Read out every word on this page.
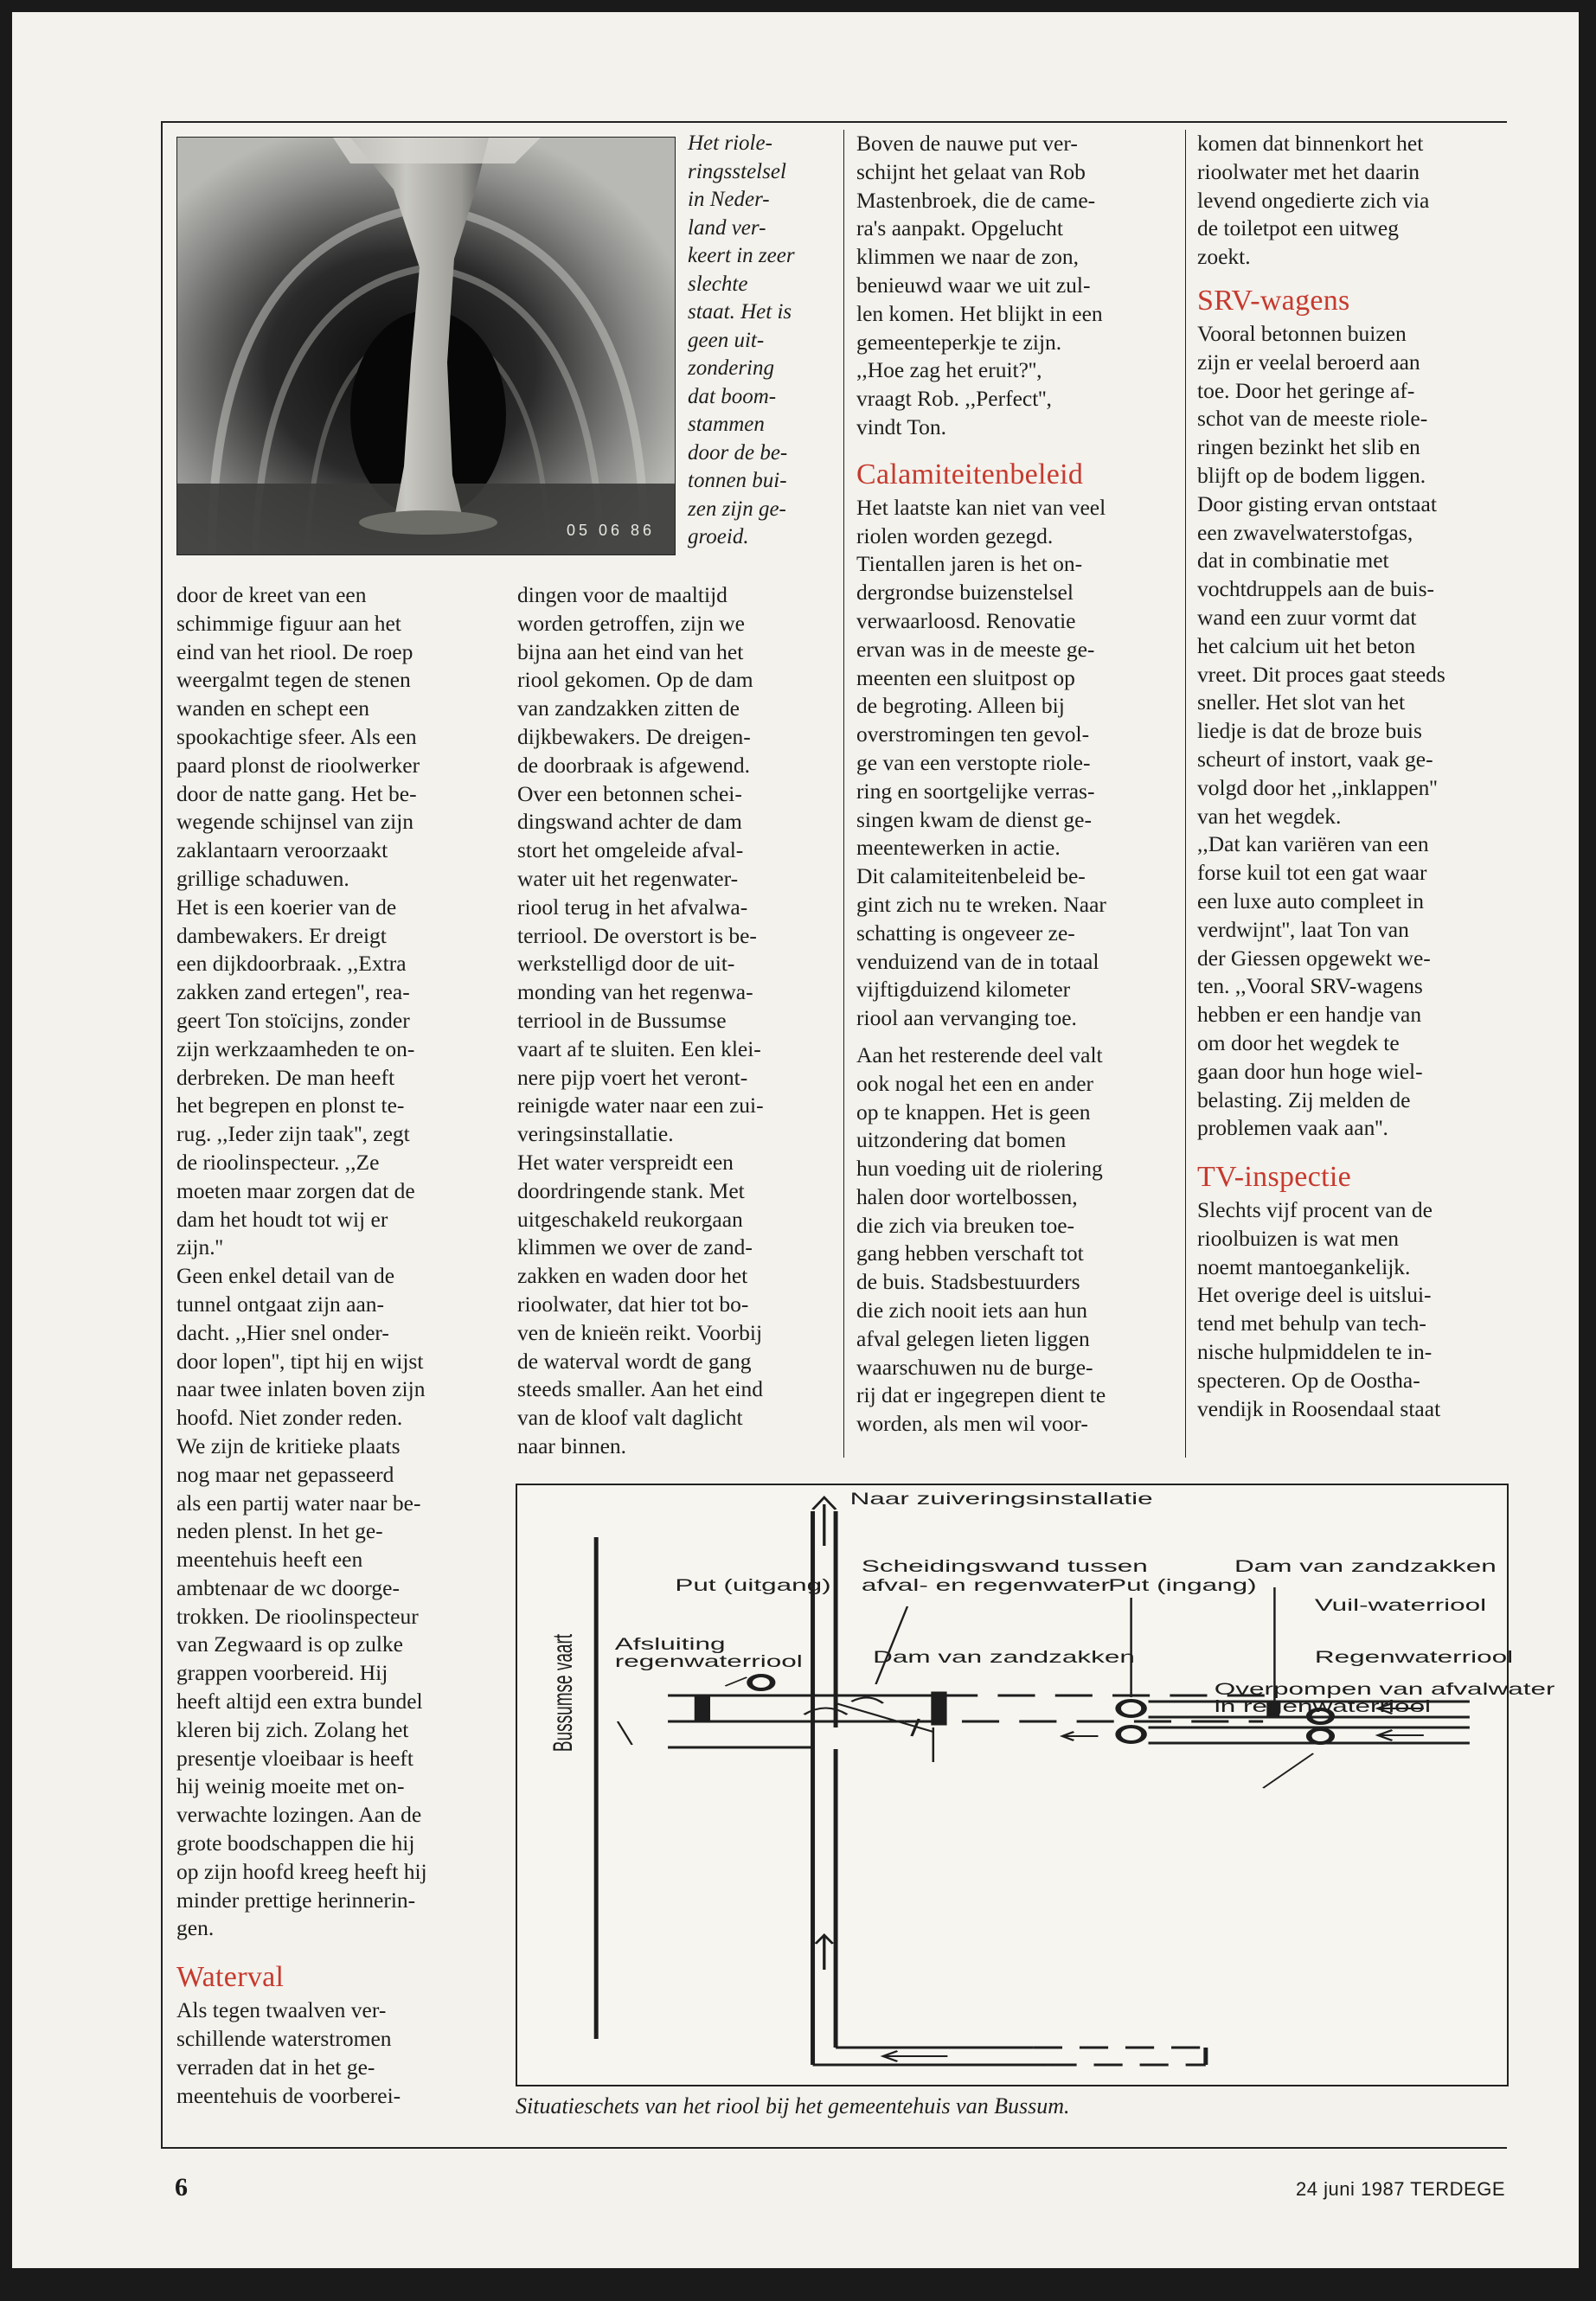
05 06 86
Het riole-
ringsstelsel
in Neder-
land ver-
keert in zeer
slechte
staat. Het is
geen uit-
zondering
dat boom-
stammen
door de be-
tonnen bui-
zen zijn ge-
groeid.

door de kreet van een
schimmige figuur aan het
eind van het riool. De roep
weergalmt tegen de stenen
wanden en schept een
spookachtige sfeer. Als een
paard plonst de rioolwerker
door de natte gang. Het be-
wegende schijnsel van zijn
zaklantaarn veroorzaakt
grillige schaduwen.

Het is een koerier van de
dambewakers. Er dreigt
een dijkdoorbraak. ,,Extra
zakken zand ertegen'', rea-
geert Ton stoïcijns, zonder
zijn werkzaamheden te on-
derbreken. De man heeft
het begrepen en plonst te-
rug. ,,Ieder zijn taak'', zegt
de rioolinspecteur. ,,Ze
moeten maar zorgen dat de
dam het houdt tot wij er
zijn.''

Geen enkel detail van de
tunnel ontgaat zijn aan-
dacht. ,,Hier snel onder-
door lopen'', tipt hij en wijst
naar twee inlaten boven zijn
hoofd. Niet zonder reden.
We zijn de kritieke plaats
nog maar net gepasseerd
als een partij water naar be-
neden plenst. In het ge-
meentehuis heeft een
ambtenaar de wc doorge-
trokken. De rioolinspecteur
van Zegwaard is op zulke
grappen voorbereid. Hij
heeft altijd een extra bundel
kleren bij zich. Zolang het
presentje vloeibaar is heeft
hij weinig moeite met on-
verwachte lozingen. Aan de
grote boodschappen die hij
op zijn hoofd kreeg heeft hij
minder prettige herinnerin-
gen.

Waterval

Als tegen twaalven ver-
schillende waterstromen
verraden dat in het ge-
meentehuis de voorberei-

dingen voor de maaltijd
worden getroffen, zijn we
bijna aan het eind van het
riool gekomen. Op de dam
van zandzakken zitten de
dijkbewakers. De dreigen-
de doorbraak is afgewend.
Over een betonnen schei-
dingswand achter de dam
stort het omgeleide afval-
water uit het regenwater-
riool terug in het afvalwa-
terriool. De overstort is be-
werkstelligd door de uit-
monding van het regenwa-
terriool in de Bussumse
vaart af te sluiten. Een klei-
nere pijp voert het veront-
reinigde water naar een zui-
veringsinstallatie.

Het water verspreidt een
doordringende stank. Met
uitgeschakeld reukorgaan
klimmen we over de zand-
zakken en waden door het
rioolwater, dat hier tot bo-
ven de knieën reikt. Voorbij
de waterval wordt de gang
steeds smaller. Aan het eind
van de kloof valt daglicht
naar binnen.

Boven de nauwe put ver-
schijnt het gelaat van Rob
Mastenbroek, die de came-
ra's aanpakt. Opgelucht
klimmen we naar de zon,
benieuwd waar we uit zul-
len komen. Het blijkt in een
gemeenteperkje te zijn.
,,Hoe zag het eruit?'',
vraagt Rob. ,,Perfect'',
vindt Ton.

Calamiteitenbeleid

Het laatste kan niet van veel
riolen worden gezegd.
Tientallen jaren is het on-
dergrondse buizenstelsel
verwaarloosd. Renovatie
ervan was in de meeste ge-
meenten een sluitpost op
de begroting. Alleen bij
overstromingen ten gevol-
ge van een verstopte riole-
ring en soortgelijke verras-
singen kwam de dienst ge-
meentewerken in actie.

Dit calamiteitenbeleid be-
gint zich nu te wreken. Naar
schatting is ongeveer ze-
venduizend van de in totaal
vijftigduizend kilometer
riool aan vervanging toe.

Aan het resterende deel valt
ook nogal het een en ander
op te knappen. Het is geen
uitzondering dat bomen
hun voeding uit de riolering
halen door wortelbossen,
die zich via breuken toe-
gang hebben verschaft tot
de buis. Stadsbestuurders
die zich nooit iets aan hun
afval gelegen lieten liggen
waarschuwen nu de burge-
rij dat er ingegrepen dient te
worden, als men wil voor-

komen dat binnenkort het
rioolwater met het daarin
levend ongedierte zich via
de toiletpot een uitweg
zoekt.

SRV-wagens

Vooral betonnen buizen
zijn er veelal beroerd aan
toe. Door het geringe af-
schot van de meeste riole-
ringen bezinkt het slib en
blijft op de bodem liggen.
Door gisting ervan ontstaat
een zwavelwaterstofgas,
dat in combinatie met
vochtdruppels aan de buis-
wand een zuur vormt dat
het calcium uit het beton
vreet. Dit proces gaat steeds
sneller. Het slot van het
liedje is dat de broze buis
scheurt of instort, vaak ge-
volgd door het ,,inklappen''
van het wegdek.

,,Dat kan variëren van een
forse kuil tot een gat waar
een luxe auto compleet in
verdwijnt'', laat Ton van
der Giessen opgewekt we-
ten. ,,Vooral SRV-wagens
hebben er een handje van
om door het wegdek te
gaan door hun hoge wiel-
belasting. Zij melden de
problemen vaak aan''.

TV-inspectie

Slechts vijf procent van de
rioolbuizen is wat men
noemt mantoegankelijk.
Het overige deel is uitslui-
tend met behulp van tech-
nische hulpmiddelen te in-
specteren. Op de Oostha-
vendijk in Roosendaal staat

Naar zuiveringsinstallatie
Bussumse vaart
Put (uitgang)
Scheidingswand tussen
afval- en regenwater
Put (ingang)
Dam van zandzakken
Vuil-waterriool
Afsluiting
regenwaterriool	Dam van zandzakken	Regenwaterriool
Overpompen van afvalwater
in regenwaterriool
Situatieschets van het riool bij het gemeentehuis van Bussum.
6	24 juni 1987 TERDEGE
